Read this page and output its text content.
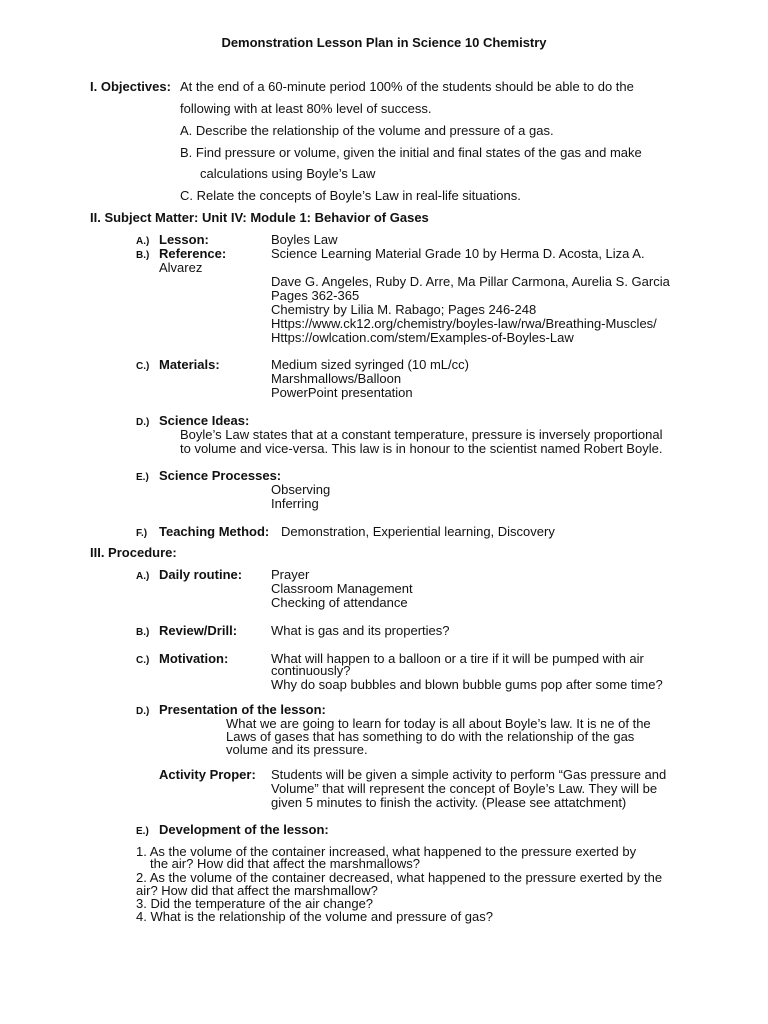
Demonstration Lesson Plan in Science 10 Chemistry
I. Objectives: At the end of a 60-minute period 100% of the students should be able to do the
following with at least 80% level of success.
A. Describe the relationship of the volume and pressure of a gas.
B. Find pressure or volume, given the initial and final states of the gas and make
calculations using Boyle’s Law
C. Relate the concepts of Boyle’s Law in real-life situations.
II. Subject Matter: Unit IV: Module 1: Behavior of Gases
A.) Lesson:	Boyles Law
B.) Reference:	Science Learning Material Grade 10 by Herma D. Acosta, Liza A.
Alvarez
Dave G. Angeles, Ruby D. Arre, Ma Pillar Carmona, Aurelia S. Garcia
Pages 362-365
Chemistry by Lilia M. Rabago; Pages 246-248
Https://www.ck12.org/chemistry/boyles-law/rwa/Breathing-Muscles/
Https://owlcation.com/stem/Examples-of-Boyles-Law
C.) Materials:	Medium sized syringed (10 mL/cc)
Marshmallows/Balloon
PowerPoint presentation
D.) Science Ideas:
Boyle’s Law states that at a constant temperature, pressure is inversely proportional
to volume and vice-versa. This law is in honour to the scientist named Robert Boyle.
E.) Science Processes:
Observing
Inferring
F.) Teaching Method: Demonstration, Experiential learning, Discovery
III. Procedure:
A.) Daily routine: Prayer
Classroom Management
Checking of attendance
B.) Review/Drill:	What is gas and its properties?
C.) Motivation:	What will happen to a balloon or a tire if it will be pumped with air
continuously?
Why do soap bubbles and blown bubble gums pop after some time?
D.) Presentation of the lesson:
What we are going to learn for today is all about Boyle’s law. It is ne of the
Laws of gases that has something to do with the relationship of the gas
volume and its pressure.
Activity Proper: Students will be given a simple activity to perform “Gas pressure and
Volume” that will represent the concept of Boyle’s Law. They will be
given 5 minutes to finish the activity. (Please see attatchment)
E.) Development of the lesson:
1. As the volume of the container increased, what happened to the pressure exerted by
the air? How did that affect the marshmallows?
2. As the volume of the container decreased, what happened to the pressure exerted by the
air? How did that affect the marshmallow?
3. Did the temperature of the air change?
4. What is the relationship of the volume and pressure of gas?
